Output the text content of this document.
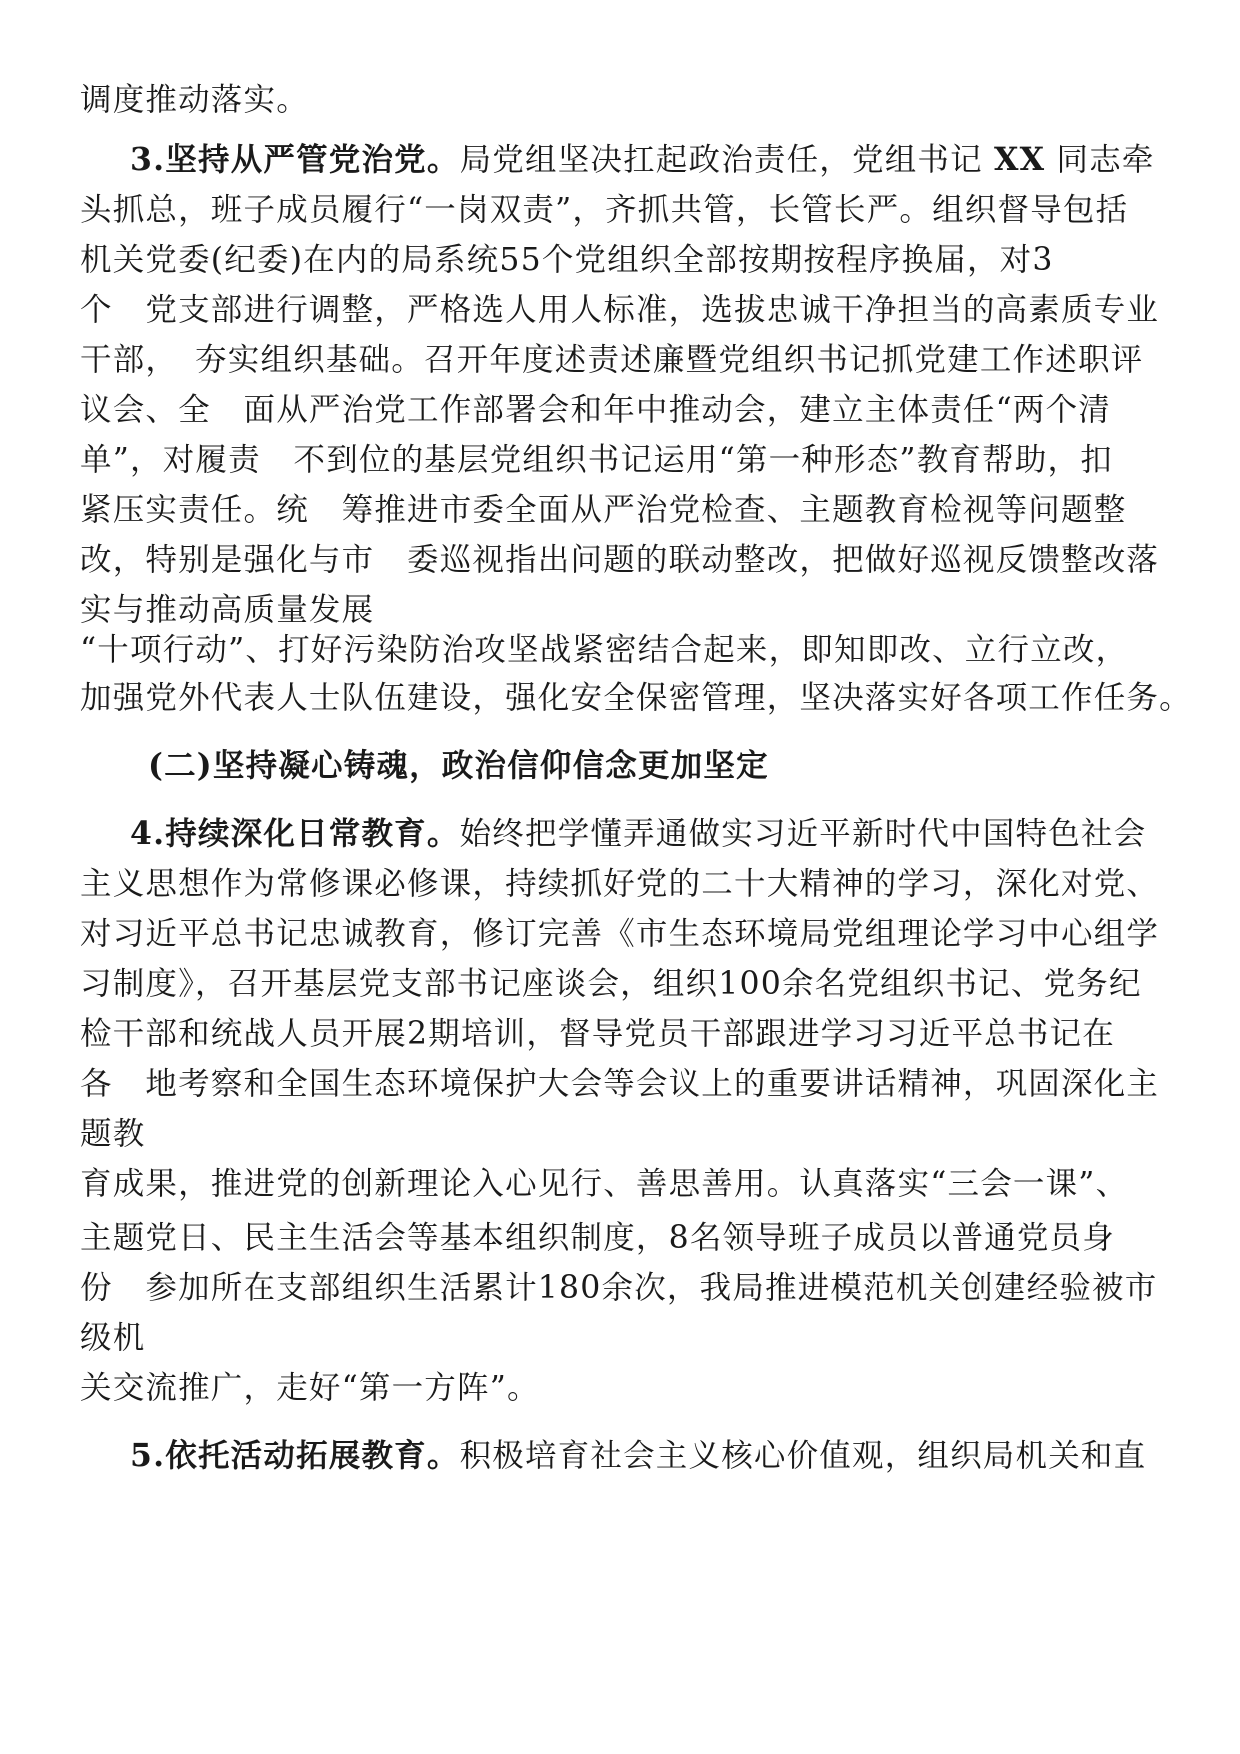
调度推动落实。
3.坚持从严管党治党。局党组坚决扛起政治责任，党组书记 XX 同志牵
头抓总，班子成员履行“一岗双责”，齐抓共管，长管长严。组织督导包括
机关党委(纪委)在内的局系统55个党组织全部按期按程序换届，对3
个　党支部进行调整，严格选人用人标准，选拔忠诚干净担当的高素质专业
干部，　夯实组织基础。召开年度述责述廉暨党组织书记抓党建工作述职评
议会、全　面从严治党工作部署会和年中推动会，建立主体责任“两个清
单”，对履责　不到位的基层党组织书记运用“第一种形态”教育帮助，扣
紧压实责任。统　筹推进市委全面从严治党检查、主题教育检视等问题整
改，特别是强化与市　委巡视指出问题的联动整改，把做好巡视反馈整改落
实与推动高质量发展
“十项行动”、打好污染防治攻坚战紧密结合起来，即知即改、立行立改，
加强党外代表人士队伍建设，强化安全保密管理，坚决落实好各项工作任务。
(二)坚持凝心铸魂，政治信仰信念更加坚定
4.持续深化日常教育。始终把学懂弄通做实习近平新时代中国特色社会
主义思想作为常修课必修课，持续抓好党的二十大精神的学习，深化对党、
对习近平总书记忠诚教育，修订完善《市生态环境局党组理论学习中心组学
习制度》，召开基层党支部书记座谈会，组织100余名党组织书记、党务纪
检干部和统战人员开展2期培训，督导党员干部跟进学习习近平总书记在
各　地考察和全国生态环境保护大会等会议上的重要讲话精神，巩固深化主
题教
育成果，推进党的创新理论入心见行、善思善用。认真落实“三会一课”、
主题党日、民主生活会等基本组织制度，8名领导班子成员以普通党员身
份　参加所在支部组织生活累计180余次，我局推进模范机关创建经验被市
级机
关交流推广，走好“第一方阵”。
5.依托活动拓展教育。积极培育社会主义核心价值观，组织局机关和直
